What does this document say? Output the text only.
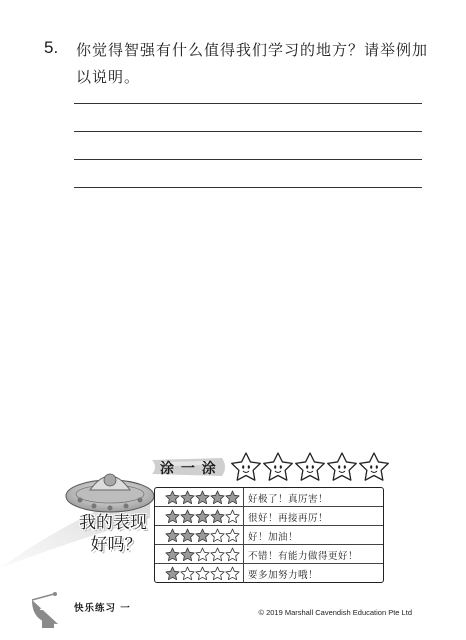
5. 你觉得智强有什么值得我们学习的地方？请举例加以说明。
我的表现
好吗？
涂 一 涂
好极了！真厉害！
很好！再接再厉！
好！加油！
不错！有能力做得更好！
要多加努力哦！
12	快乐练习 一	© 2019 Marshall Cavendish Education Pte Ltd
